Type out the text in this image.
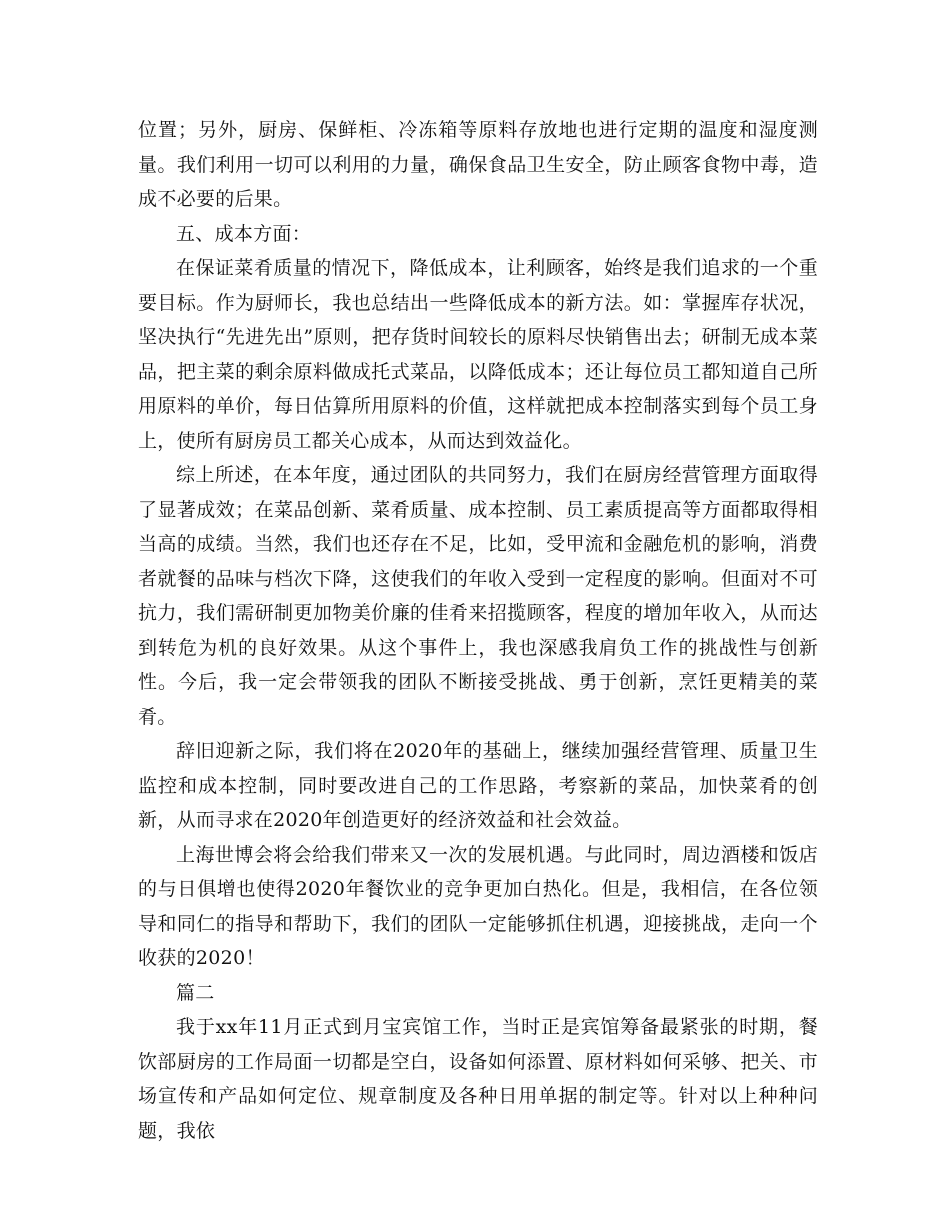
位置；另外，厨房、保鲜柜、冷冻箱等原料存放地也进行定期的温度和湿度测量。我们利用一切可以利用的力量，确保食品卫生安全，防止顾客食物中毒，造成不必要的后果。

五、成本方面：

在保证菜肴质量的情况下，降低成本，让利顾客，始终是我们追求的一个重要目标。作为厨师长，我也总结出一些降低成本的新方法。如：掌握库存状况，坚决执行“先进先出”原则，把存货时间较长的原料尽快销售出去；研制无成本菜品，把主菜的剩余原料做成托式菜品，以降低成本；还让每位员工都知道自己所用原料的单价，每日估算所用原料的价值，这样就把成本控制落实到每个员工身上，使所有厨房员工都关心成本，从而达到效益化。

综上所述，在本年度，通过团队的共同努力，我们在厨房经营管理方面取得了显著成效；在菜品创新、菜肴质量、成本控制、员工素质提高等方面都取得相当高的成绩。当然，我们也还存在不足，比如，受甲流和金融危机的影响，消费者就餐的品味与档次下降，这使我们的年收入受到一定程度的影响。但面对不可抗力，我们需研制更加物美价廉的佳肴来招揽顾客，程度的增加年收入，从而达到转危为机的良好效果。从这个事件上，我也深感我肩负工作的挑战性与创新性。今后，我一定会带领我的团队不断接受挑战、勇于创新，烹饪更精美的菜肴。

辞旧迎新之际，我们将在2020年的基础上，继续加强经营管理、质量卫生监控和成本控制，同时要改进自己的工作思路，考察新的菜品，加快菜肴的创新，从而寻求在2020年创造更好的经济效益和社会效益。

上海世博会将会给我们带来又一次的发展机遇。与此同时，周边酒楼和饭店的与日俱增也使得2020年餐饮业的竞争更加白热化。但是，我相信，在各位领导和同仁的指导和帮助下，我们的团队一定能够抓住机遇，迎接挑战，走向一个收获的2020！

篇二

我于xx年11月正式到月宝宾馆工作，当时正是宾馆筹备最紧张的时期，餐饮部厨房的工作局面一切都是空白，设备如何添置、原材料如何采够、把关、市场宣传和产品如何定位、规章制度及各种日用单据的制定等。针对以上种种问题，我依
